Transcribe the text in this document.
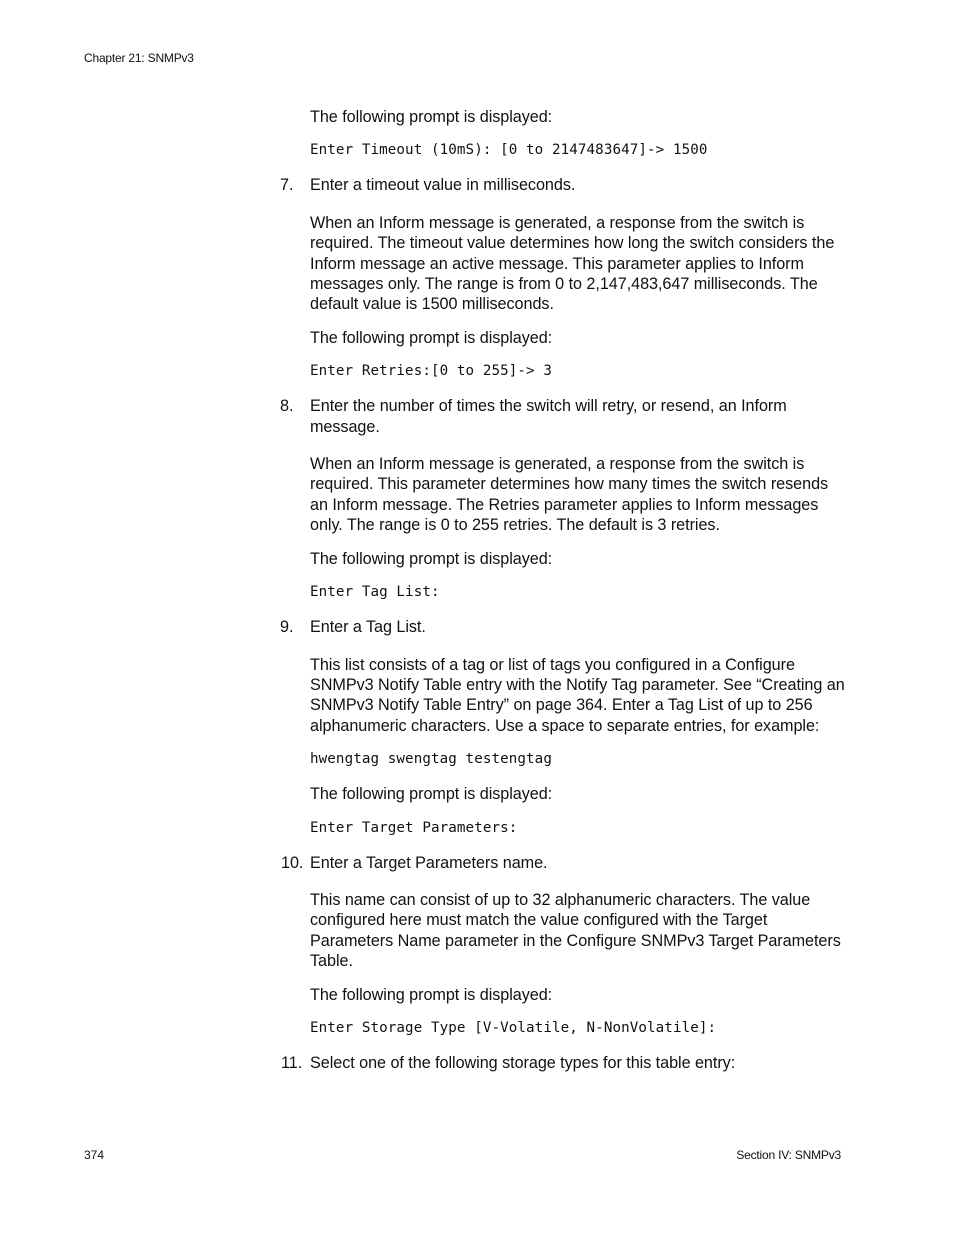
Chapter 21: SNMPv3

The following prompt is displayed:

Enter Timeout (10mS): [0 to 2147483647]-> 1500
7.	Enter a timeout value in milliseconds.

When an Inform message is generated, a response from the switch is required. The timeout value determines how long the switch considers the Inform message an active message. This parameter applies to Inform messages only. The range is from 0 to 2,147,483,647 milliseconds. The default value is 1500 milliseconds.

The following prompt is displayed:

Enter Retries:[0 to 255]-> 3
8.	Enter the number of times the switch will retry, or resend, an Inform message.

When an Inform message is generated, a response from the switch is required. This parameter determines how many times the switch resends an Inform message. The Retries parameter applies to Inform messages only. The range is 0 to 255 retries. The default is 3 retries.

The following prompt is displayed:

Enter Tag List:
9.	Enter a Tag List.

This list consists of a tag or list of tags you configured in a Configure SNMPv3 Notify Table entry with the Notify Tag parameter. See “Creating an SNMPv3 Notify Table Entry” on page 364. Enter a Tag List of up to 256 alphanumeric characters. Use a space to separate entries, for example:

hwengtag swengtag testengtag

The following prompt is displayed:

Enter Target Parameters:
10. Enter a Target Parameters name.

This name can consist of up to 32 alphanumeric characters. The value configured here must match the value configured with the Target Parameters Name parameter in the Configure SNMPv3 Target Parameters Table.

The following prompt is displayed:

Enter Storage Type [V-Volatile, N-NonVolatile]:
11. Select one of the following storage types for this table entry:
374	Section IV: SNMPv3
